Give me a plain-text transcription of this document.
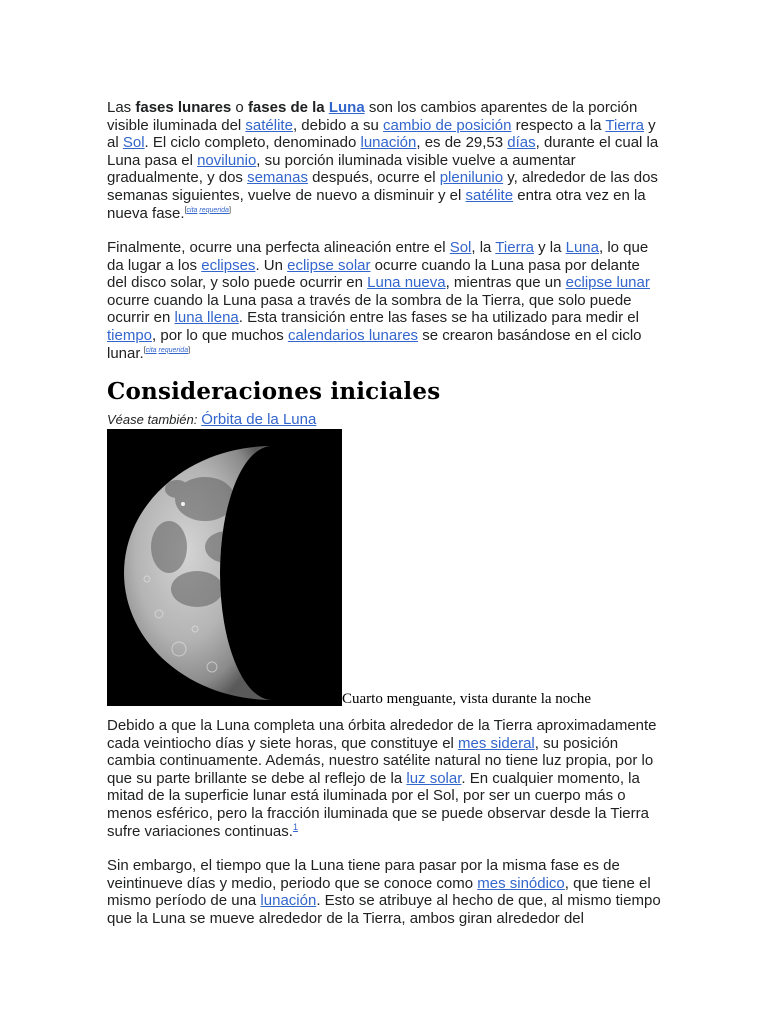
Las fases lunares o fases de la Luna son los cambios aparentes de la porción visible iluminada del satélite, debido a su cambio de posición respecto a la Tierra y al Sol. El ciclo completo, denominado lunación, es de 29,53 días, durante el cual la Luna pasa el novilunio, su porción iluminada visible vuelve a aumentar gradualmente, y dos semanas después, ocurre el plenilunio y, alrededor de las dos semanas siguientes, vuelve de nuevo a disminuir y el satélite entra otra vez en la nueva fase.[cita requerida]

Finalmente, ocurre una perfecta alineación entre el Sol, la Tierra y la Luna, lo que da lugar a los eclipses. Un eclipse solar ocurre cuando la Luna pasa por delante del disco solar, y solo puede ocurrir en Luna nueva, mientras que un eclipse lunar ocurre cuando la Luna pasa a través de la sombra de la Tierra, que solo puede ocurrir en luna llena. Esta transición entre las fases se ha utilizado para medir el tiempo, por lo que muchos calendarios lunares se crearon basándose en el ciclo lunar.[cita requerida]

Consideraciones iniciales
Véase también: Órbita de la Luna
Cuarto menguante, vista durante la noche

Debido a que la Luna completa una órbita alrededor de la Tierra aproximadamente cada veintiocho días y siete horas, que constituye el mes sideral, su posición cambia continuamente. Además, nuestro satélite natural no tiene luz propia, por lo que su parte brillante se debe al reflejo de la luz solar. En cualquier momento, la mitad de la superficie lunar está iluminada por el Sol, por ser un cuerpo más o menos esférico, pero la fracción iluminada que se puede observar desde la Tierra sufre variaciones continuas.$^1$

Sin embargo, el tiempo que la Luna tiene para pasar por la misma fase es de veintinueve días y medio, periodo que se conoce como mes sinódico, que tiene el mismo período de una lunación. Esto se atribuye al hecho de que, al mismo tiempo que la Luna se mueve alrededor de la Tierra, ambos giran alrededor del
